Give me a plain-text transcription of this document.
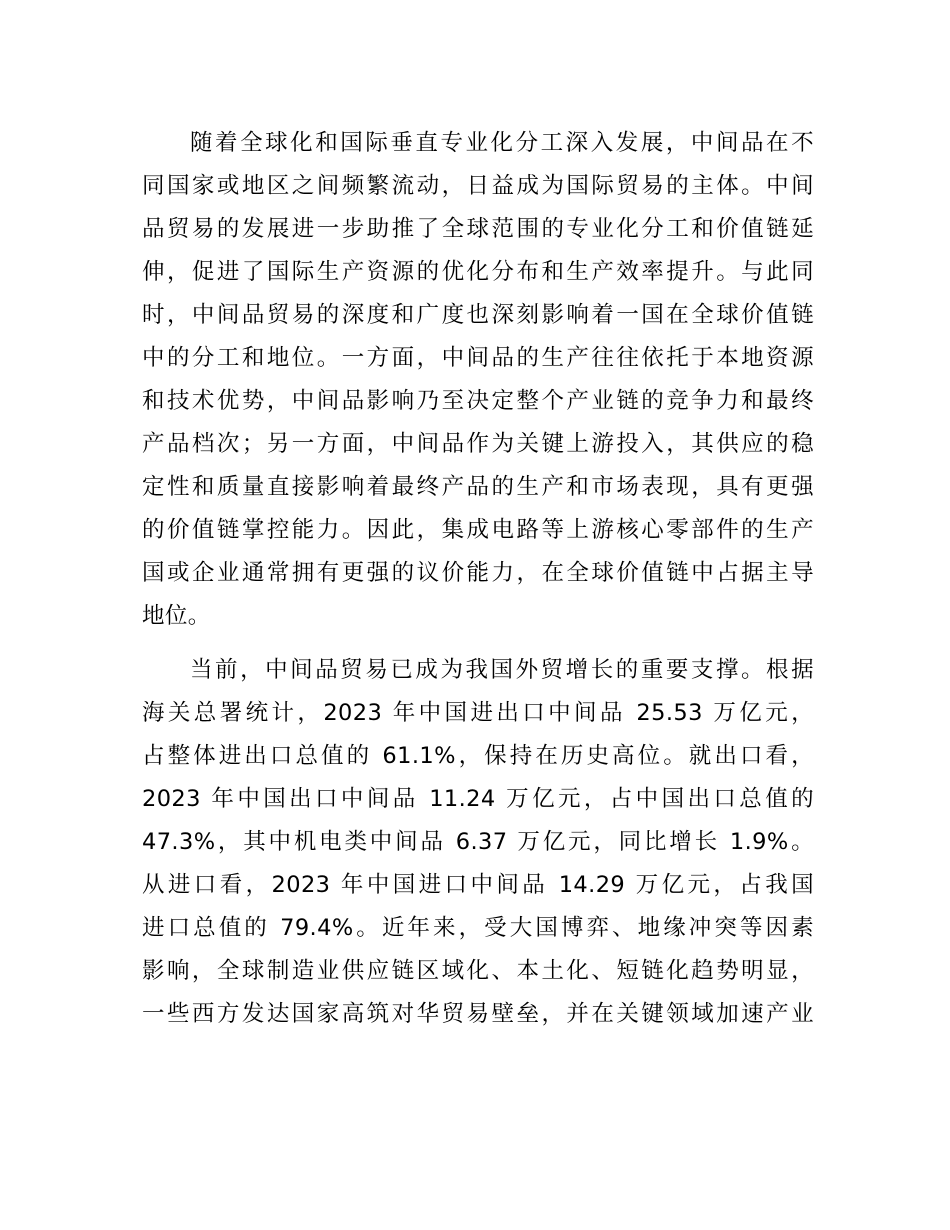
随着全球化和国际垂直专业化分工深入发展，中间品在不
同国家或地区之间频繁流动，日益成为国际贸易的主体。中间
品贸易的发展进一步助推了全球范围的专业化分工和价值链延
伸，促进了国际生产资源的优化分布和生产效率提升。与此同
时，中间品贸易的深度和广度也深刻影响着一国在全球价值链
中的分工和地位。一方面，中间品的生产往往依托于本地资源
和技术优势，中间品影响乃至决定整个产业链的竞争力和最终
产品档次；另一方面，中间品作为关键上游投入，其供应的稳
定性和质量直接影响着最终产品的生产和市场表现，具有更强
的价值链掌控能力。因此，集成电路等上游核心零部件的生产
国或企业通常拥有更强的议价能力，在全球价值链中占据主导
地位。

当前，中间品贸易已成为我国外贸增长的重要支撑。根据
海关总署统计，2023 年中国进出口中间品 25.53 万亿元，
占整体进出口总值的 61.1%，保持在历史高位。就出口看，
2023 年中国出口中间品 11.24 万亿元，占中国出口总值的
47.3%，其中机电类中间品 6.37 万亿元，同比增长 1.9%。
从进口看，2023 年中国进口中间品 14.29 万亿元，占我国
进口总值的 79.4%。近年来，受大国博弈、地缘冲突等因素
影响，全球制造业供应链区域化、本土化、短链化趋势明显，
一些西方发达国家高筑对华贸易壁垒，并在关键领域加速产业
